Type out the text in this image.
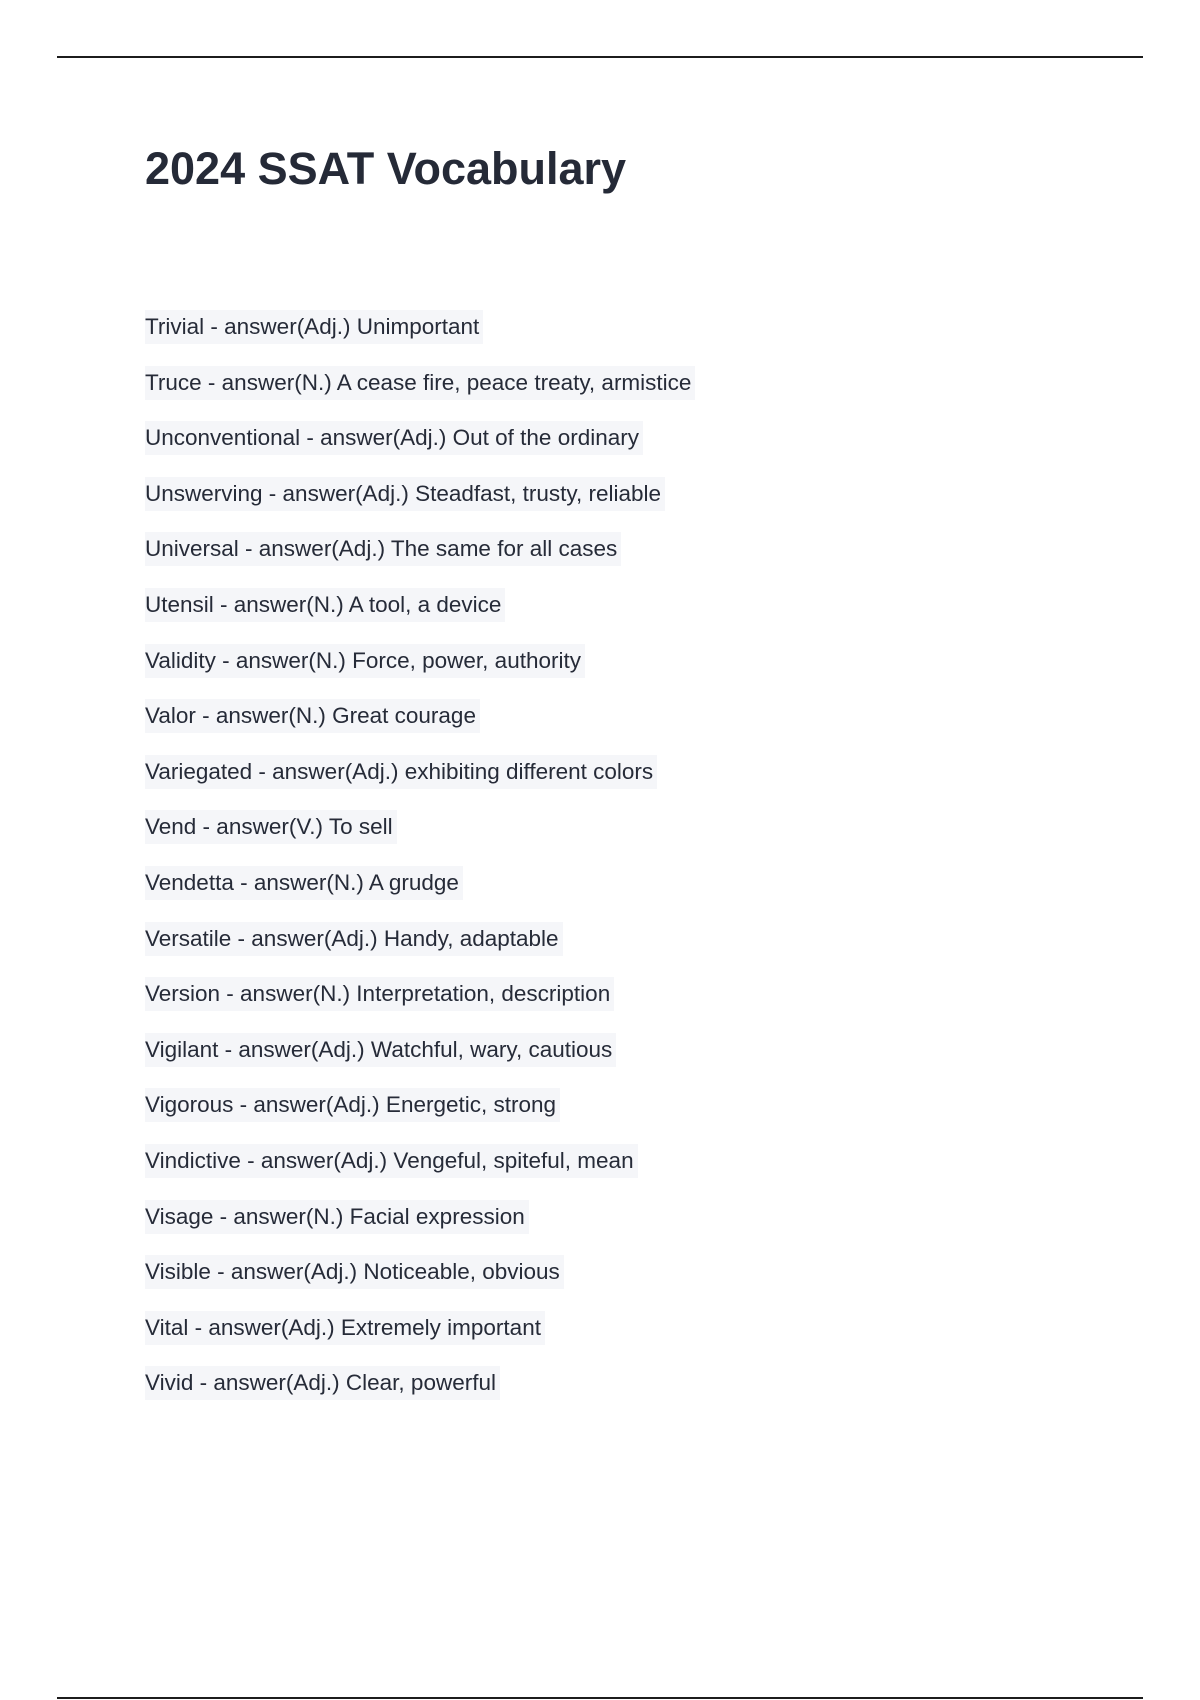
2024 SSAT Vocabulary
Trivial - answer(Adj.) Unimportant
Truce - answer(N.) A cease fire, peace treaty, armistice
Unconventional - answer(Adj.) Out of the ordinary
Unswerving - answer(Adj.) Steadfast, trusty, reliable
Universal - answer(Adj.) The same for all cases
Utensil - answer(N.) A tool, a device
Validity - answer(N.) Force, power, authority
Valor - answer(N.) Great courage
Variegated - answer(Adj.) exhibiting different colors
Vend - answer(V.) To sell
Vendetta - answer(N.) A grudge
Versatile - answer(Adj.) Handy, adaptable
Version - answer(N.) Interpretation, description
Vigilant - answer(Adj.) Watchful, wary, cautious
Vigorous - answer(Adj.) Energetic, strong
Vindictive - answer(Adj.) Vengeful, spiteful, mean
Visage - answer(N.) Facial expression
Visible - answer(Adj.) Noticeable, obvious
Vital - answer(Adj.) Extremely important
Vivid - answer(Adj.) Clear, powerful
